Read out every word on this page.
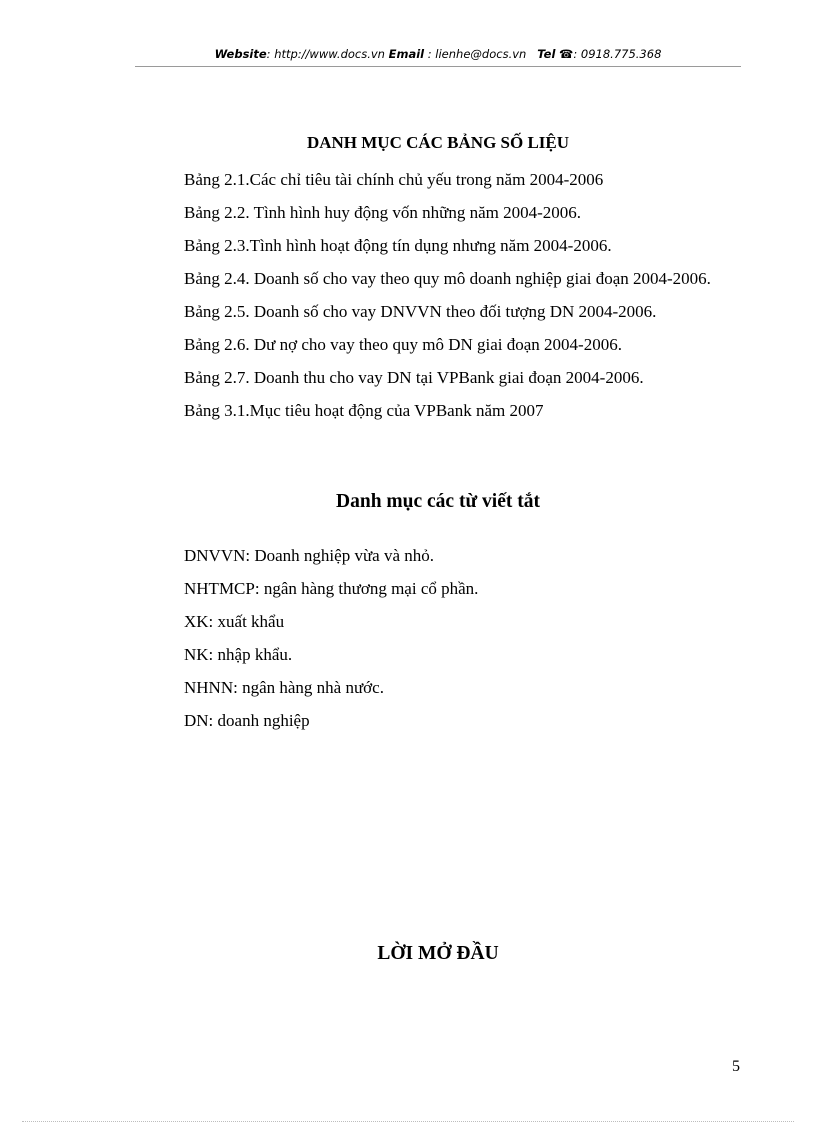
Website: http://www.docs.vn Email : lienhe@docs.vn Tel ☎: 0918.775.368
DANH MỤC CÁC BẢNG SỐ LIỆU
Bảng 2.1.Các chỉ tiêu tài chính chủ yếu trong năm 2004-2006
Bảng 2.2. Tình hình huy động vốn những năm 2004-2006.
Bảng 2.3.Tình hình hoạt động tín dụng nhưng năm 2004-2006.
Bảng 2.4. Doanh số cho vay theo quy mô doanh nghiệp giai đoạn 2004-2006.
Bảng 2.5. Doanh số cho vay DNVVN theo đối tượng DN 2004-2006.
Bảng 2.6. Dư nợ cho vay theo quy mô DN giai đoạn 2004-2006.
Bảng 2.7. Doanh thu cho vay DN tại VPBank giai đoạn 2004-2006.
Bảng 3.1.Mục tiêu hoạt động của VPBank năm 2007
Danh mục các từ viết tắt
DNVVN: Doanh nghiệp vừa và nhỏ.
NHTMCP: ngân hàng thương mại cổ phần.
XK: xuất khẩu
NK: nhập khẩu.
NHNN: ngân hàng nhà nước.
DN: doanh nghiệp
LỜI MỞ ĐẦU
5
